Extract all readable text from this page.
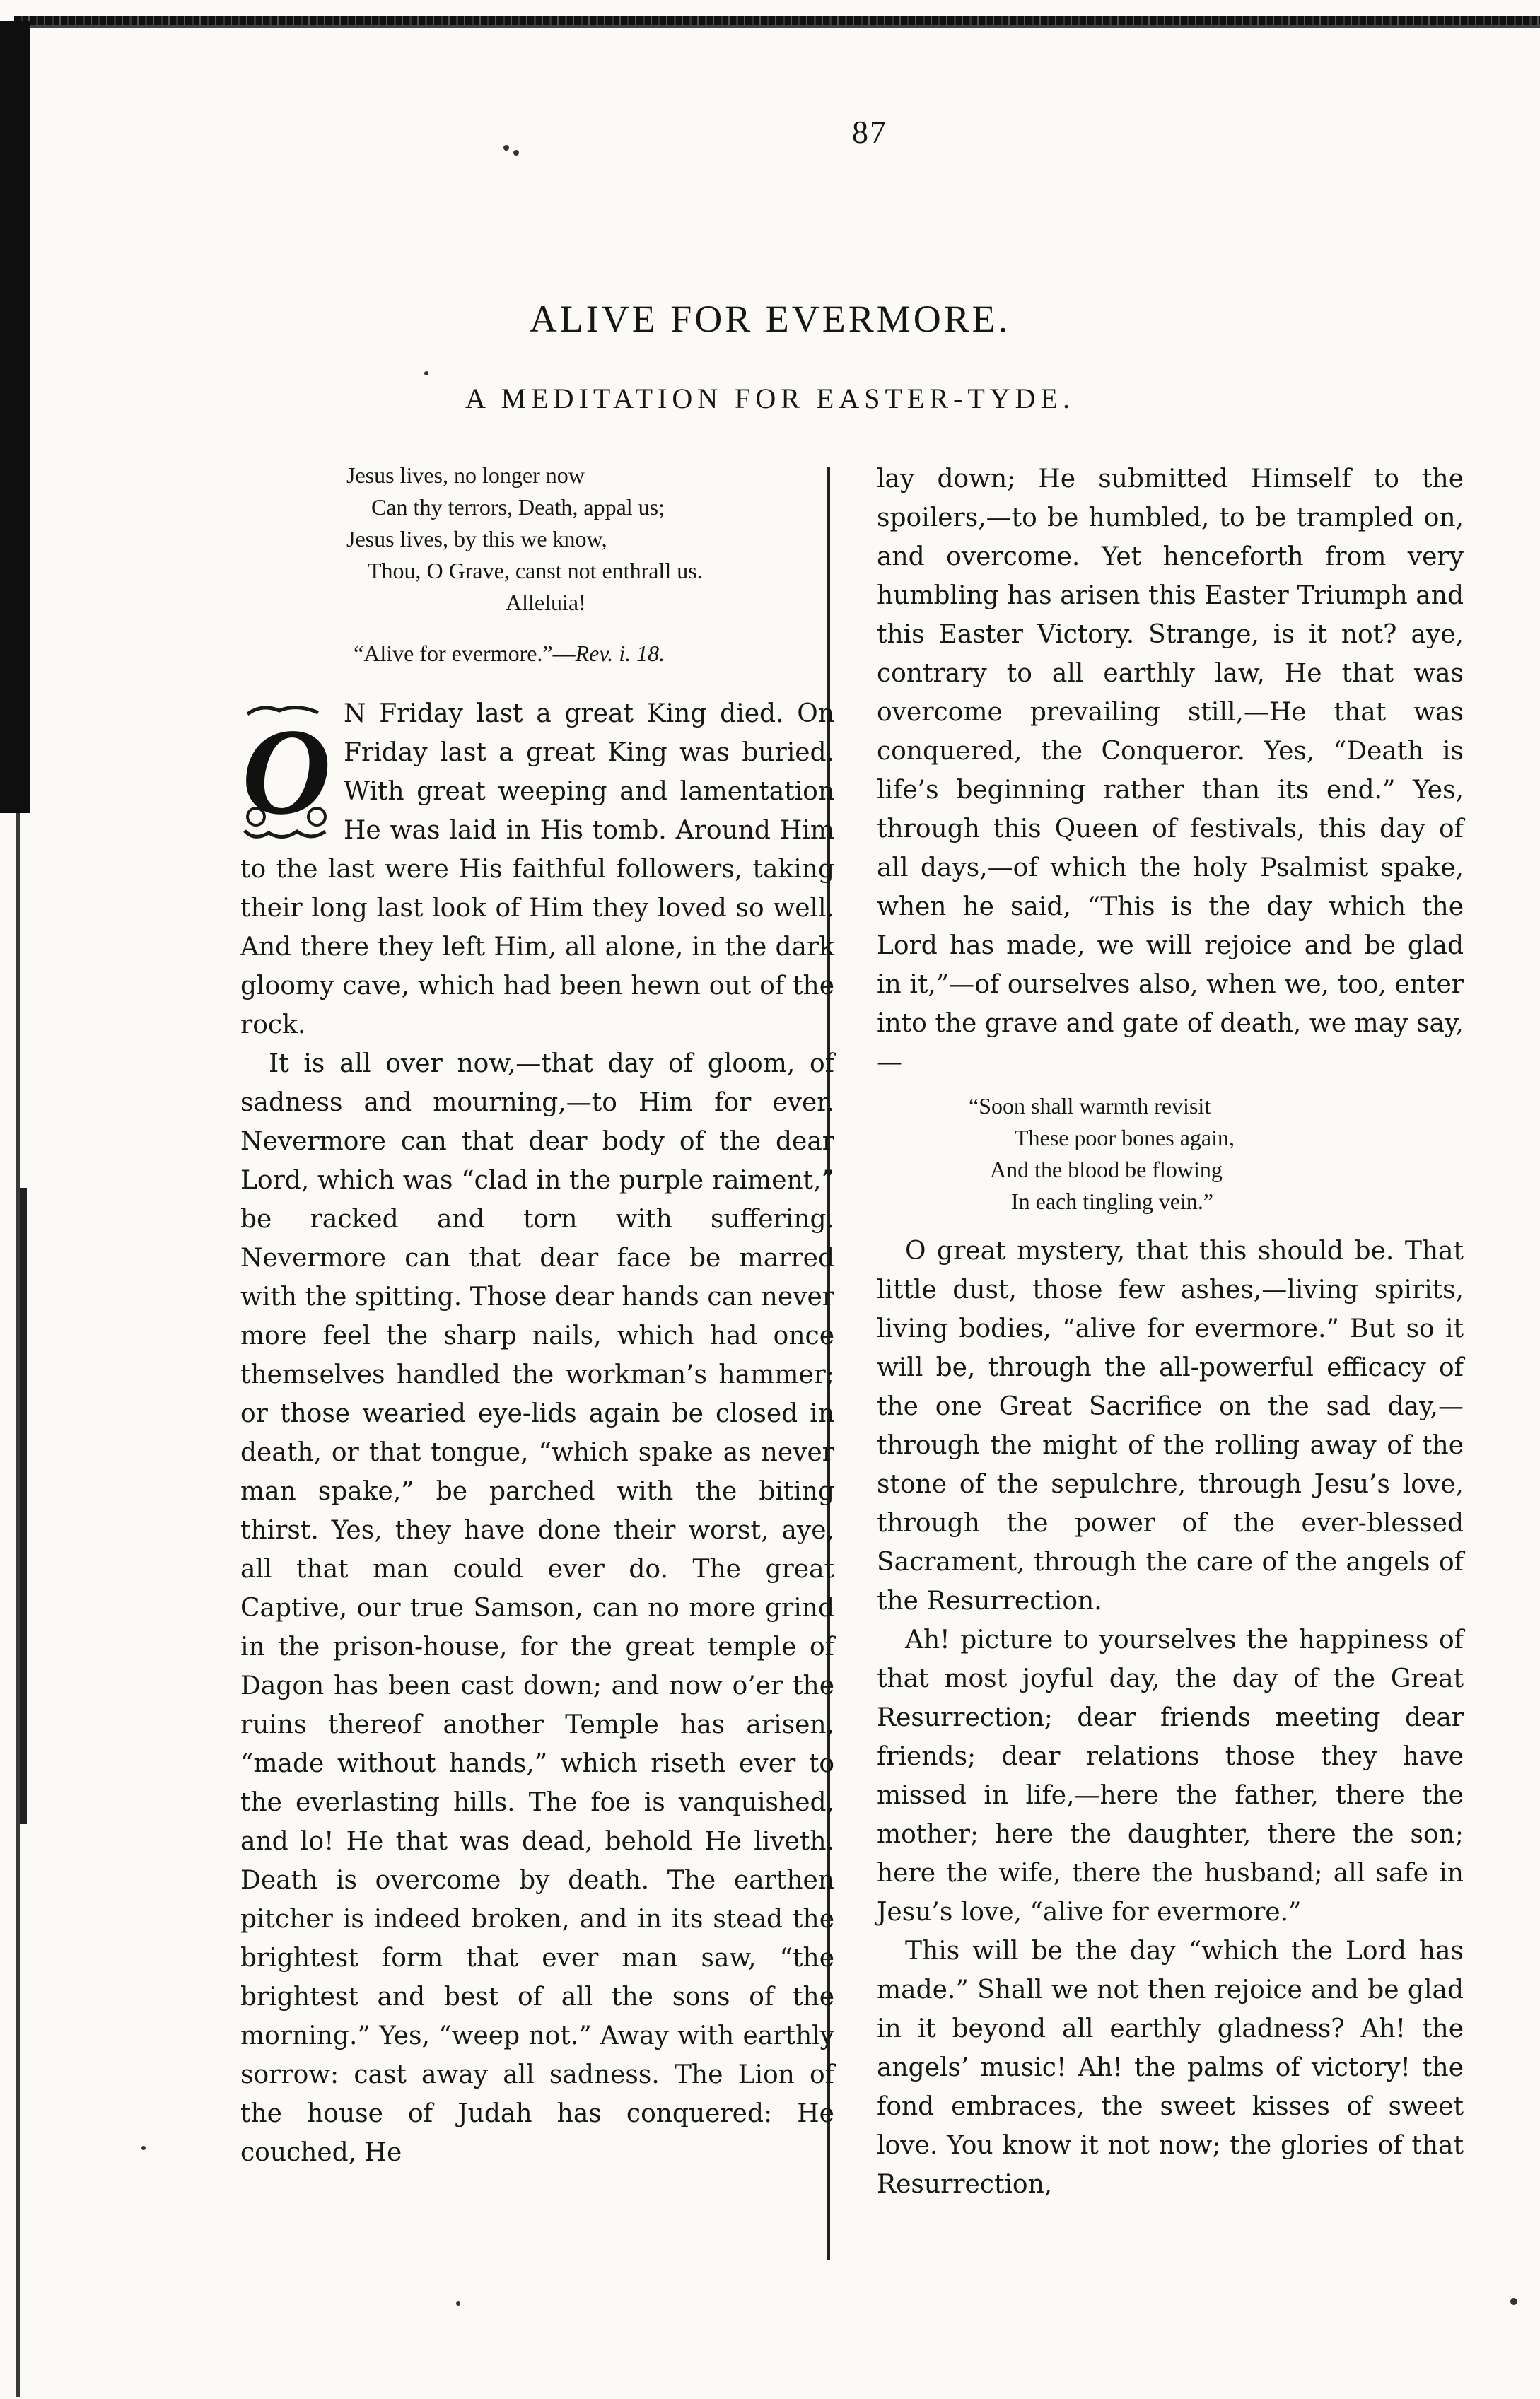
87
ALIVE FOR EVERMORE.
A MEDITATION FOR EASTER-TYDE.
Jesus lives, no longer now
Can thy terrors, Death, appal us;
Jesus lives, by this we know,
Thou, O Grave, canst not enthrall us.
Alleluia!
“Alive for evermore.”—Rev. i. 18.

O N Friday last a great King died. On Friday last a great King was buried. With great weeping and lamentation He was laid in His tomb. Around Him to the last were His faithful followers, taking their long last look of Him they loved so well. And there they left Him, all alone, in the dark gloomy cave, which had been hewn out of the rock.

It is all over now,—that day of gloom, of sadness and mourning,—to Him for ever. Nevermore can that dear body of the dear Lord, which was “clad in the purple raiment,” be racked and torn with suffering. Nevermore can that dear face be marred with the spitting. Those dear hands can never more feel the sharp nails, which had once themselves handled the workman’s hammer; or those wearied eye-lids again be closed in death, or that tongue, “which spake as never man spake,” be parched with the biting thirst. Yes, they have done their worst, aye, all that man could ever do. The great Captive, our true Samson, can no more grind in the prison-house, for the great temple of Dagon has been cast down; and now o’er the ruins thereof another Temple has arisen, “made without hands,” which riseth ever to the everlasting hills. The foe is vanquished, and lo! He that was dead, behold He liveth. Death is overcome by death. The earthen pitcher is indeed broken, and in its stead the brightest form that ever man saw, “the brightest and best of all the sons of the morning.” Yes, “weep not.” Away with earthly sorrow: cast away all sadness. The Lion of the house of Judah has conquered: He couched, He

lay down; He submitted Himself to the spoilers,—to be humbled, to be trampled on, and overcome. Yet henceforth from very humbling has arisen this Easter Triumph and this Easter Victory. Strange, is it not? aye, contrary to all earthly law, He that was overcome prevailing still,—He that was conquered, the Conqueror. Yes, “Death is life’s beginning rather than its end.” Yes, through this Queen of festivals, this day of all days,—of which the holy Psalmist spake, when he said, “This is the day which the Lord has made, we will rejoice and be glad in it,”—of ourselves also, when we, too, enter into the grave and gate of death, we may say,—

“Soon shall warmth revisit
These poor bones again,
And the blood be flowing
In each tingling vein.”

O great mystery, that this should be. That little dust, those few ashes,—living spirits, living bodies, “alive for evermore.” But so it will be, through the all-powerful efficacy of the one Great Sacrifice on the sad day,—through the might of the rolling away of the stone of the sepulchre, through Jesu’s love, through the power of the ever-blessed Sacrament, through the care of the angels of the Resurrection.

Ah! picture to yourselves the happiness of that most joyful day, the day of the Great Resurrection; dear friends meeting dear friends; dear relations those they have missed in life,—here the father, there the mother; here the daughter, there the son; here the wife, there the husband; all safe in Jesu’s love, “alive for evermore.”

This will be the day “which the Lord has made.” Shall we not then rejoice and be glad in it beyond all earthly gladness? Ah! the angels’ music! Ah! the palms of victory! the fond embraces, the sweet kisses of sweet love. You know it not now; the glories of that Resurrection,
